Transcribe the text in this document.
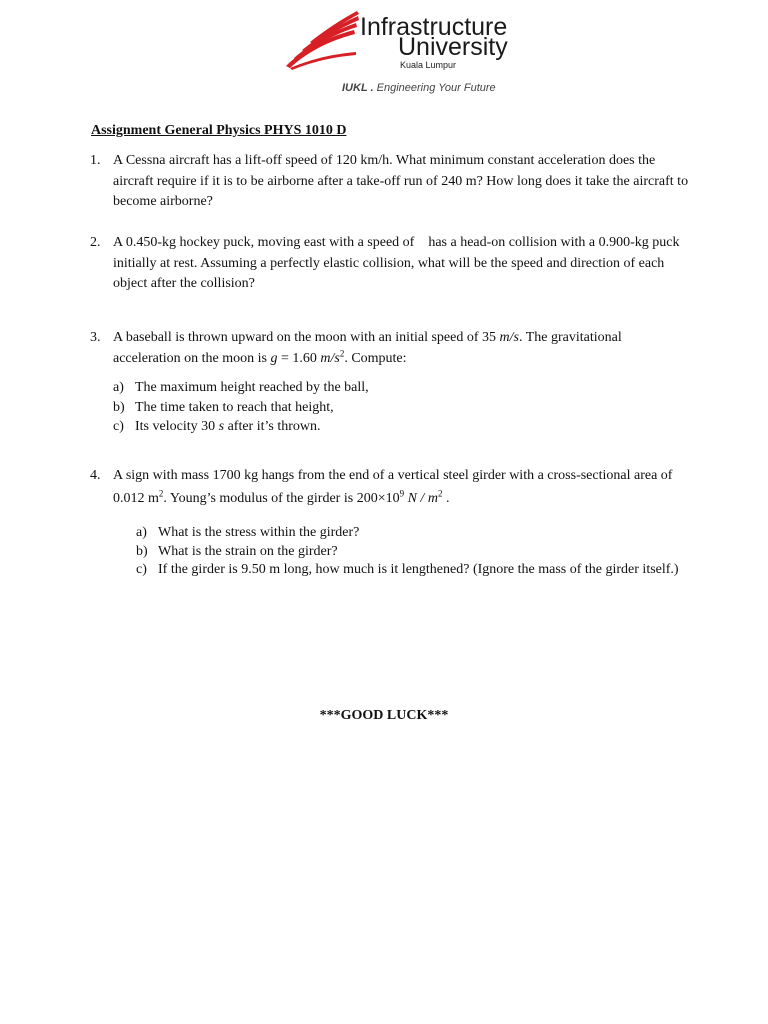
Infrastructure
University
Kuala Lumpur
IUKL . Engineering Your Future
Assignment General Physics PHYS 1010 D
1. A Cessna aircraft has a lift-off speed of 120 km/h. What minimum constant acceleration does the aircraft require if it is to be airborne after a take-off run of 240 m? How long does it take the aircraft to become airborne?
2. A 0.450-kg hockey puck, moving east with a speed of    has a head-on collision with a 0.900-kg puck initially at rest. Assuming a perfectly elastic collision, what will be the speed and direction of each object after the collision?
3. A baseball is thrown upward on the moon with an initial speed of 35 m/s. The gravitational acceleration on the moon is g = 1.60 $m/s^2$. Compute:
a) The maximum height reached by the ball,
b) The time taken to reach that height,
c) Its velocity 30 s after it’s thrown.
4. A sign with mass 1700 kg hangs from the end of a vertical steel girder with a cross-sectional area of 0.012 $m^2$. Young’s modulus of the girder is $200\times 10^9$ N / $m^2$ .
a) What is the stress within the girder?
b) What is the strain on the girder?
c) If the girder is 9.50 m long, how much is it lengthened? (Ignore the mass of the girder itself.)
***GOOD LUCK***
